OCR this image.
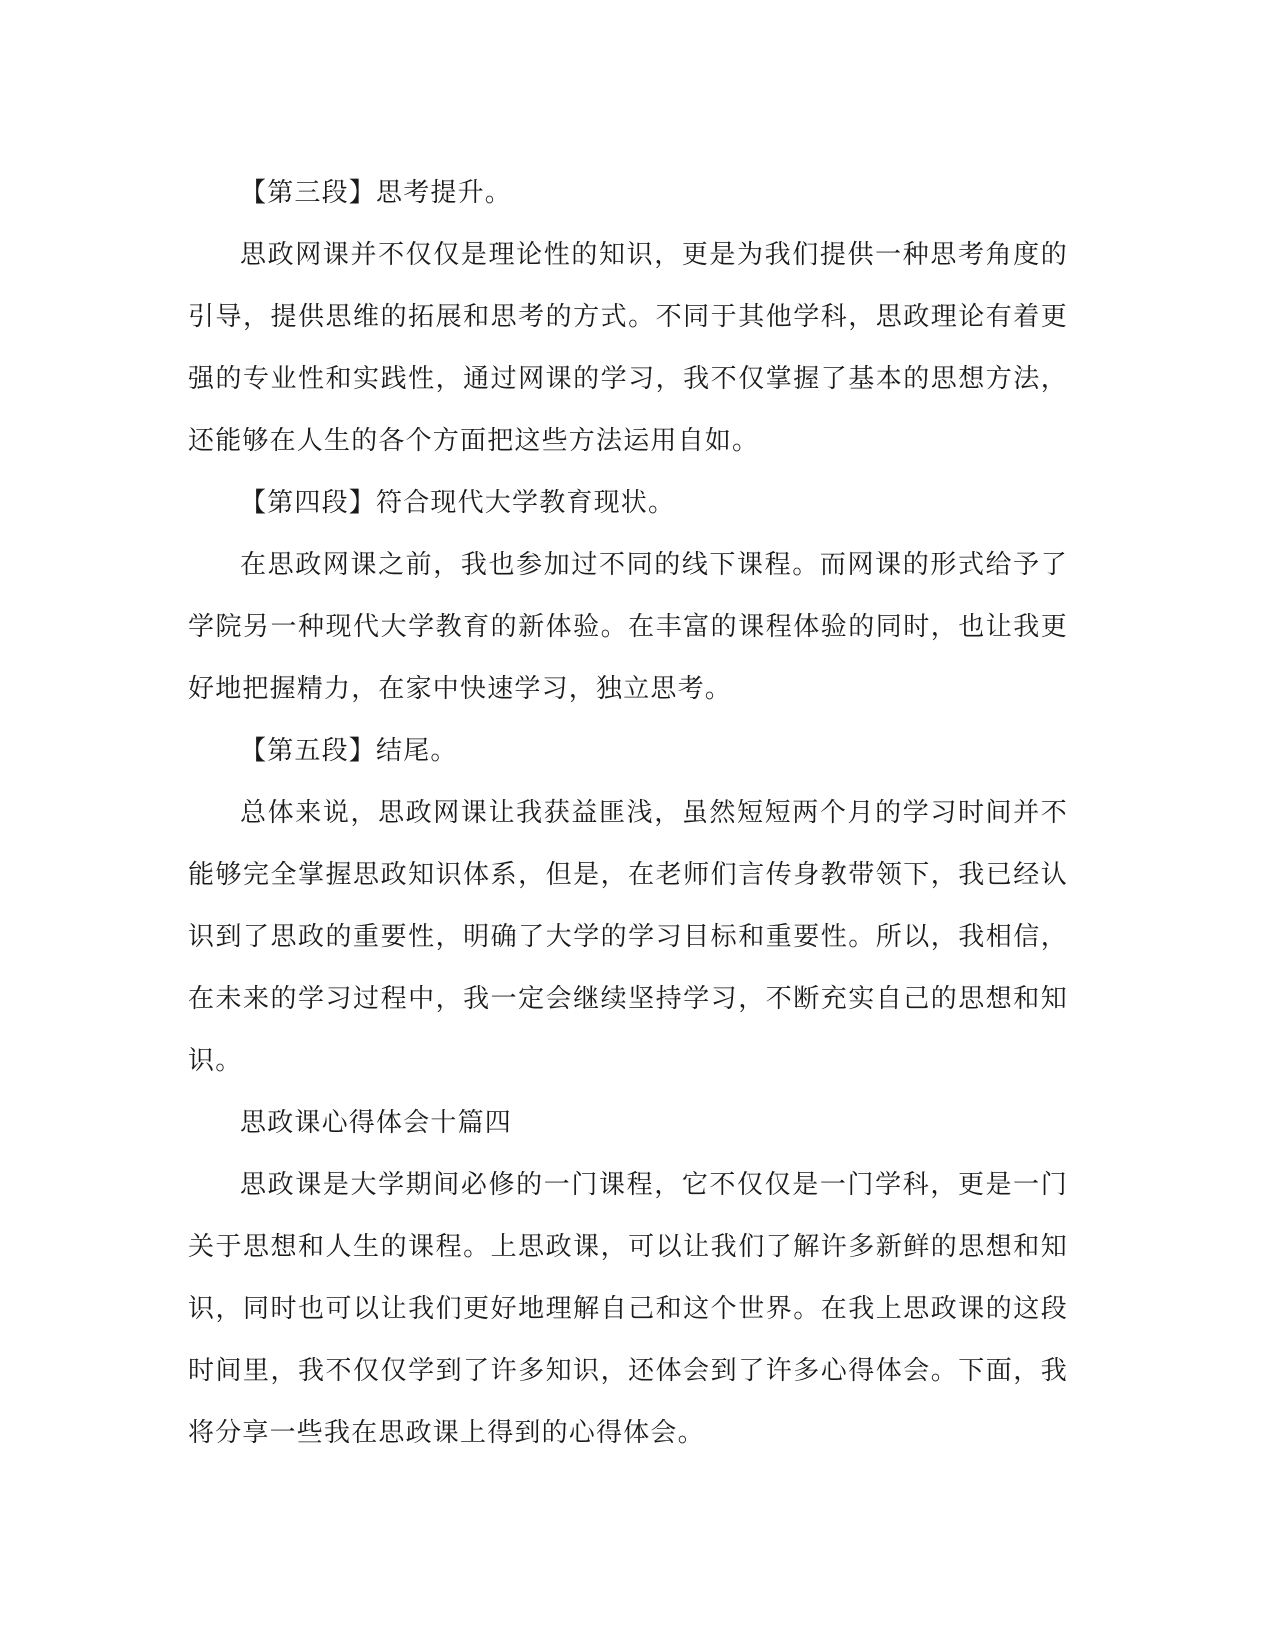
【第三段】思考提升。

思政网课并不仅仅是理论性的知识，更是为我们提供一种思考角度的引导，提供思维的拓展和思考的方式。不同于其他学科，思政理论有着更强的专业性和实践性，通过网课的学习，我不仅掌握了基本的思想方法，还能够在人生的各个方面把这些方法运用自如。

【第四段】符合现代大学教育现状。

在思政网课之前，我也参加过不同的线下课程。而网课的形式给予了学院另一种现代大学教育的新体验。在丰富的课程体验的同时，也让我更好地把握精力，在家中快速学习，独立思考。

【第五段】结尾。

总体来说，思政网课让我获益匪浅，虽然短短两个月的学习时间并不能够完全掌握思政知识体系，但是，在老师们言传身教带领下，我已经认识到了思政的重要性，明确了大学的学习目标和重要性。所以，我相信，在未来的学习过程中，我一定会继续坚持学习，不断充实自己的思想和知识。

思政课心得体会十篇四

思政课是大学期间必修的一门课程，它不仅仅是一门学科，更是一门关于思想和人生的课程。上思政课，可以让我们了解许多新鲜的思想和知识，同时也可以让我们更好地理解自己和这个世界。在我上思政课的这段时间里，我不仅仅学到了许多知识，还体会到了许多心得体会。下面，我将分享一些我在思政课上得到的心得体会。
